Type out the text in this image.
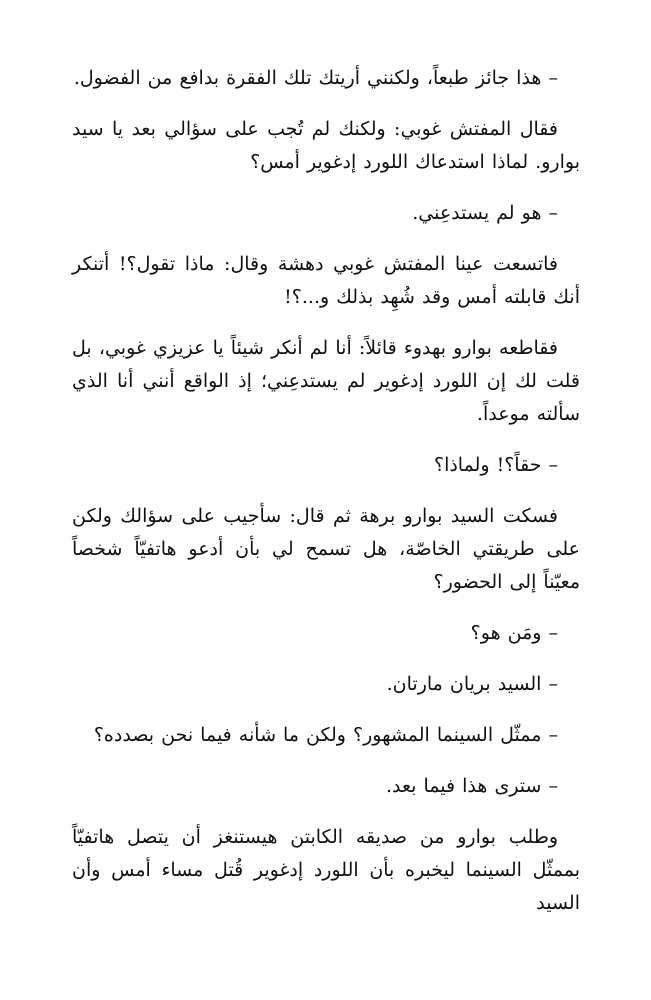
– هذا جائز طبعاً، ولكنني أريتك تلك الفقرة بدافع من الفضول.

فقال المفتش غوبي: ولكنك لم تُجب على سؤالي بعد يا سيد بوارو. لماذا استدعاك اللورد إدغوير أمس؟

– هو لم يستدعِني.

فاتسعت عينا المفتش غوبي دهشة وقال: ماذا تقول؟! أتنكر أنك قابلته أمس وقد شُهِد بذلك و...؟!

فقاطعه بوارو بهدوء قائلاً: أنا لم أنكر شيئاً يا عزيزي غوبي، بل قلت لك إن اللورد إدغوير لم يستدعِني؛ إذ الواقع أنني أنا الذي سألته موعداً.

– حقاً؟! ولماذا؟

فسكت السيد بوارو برهة ثم قال: سأجيب على سؤالك ولكن على طريقتي الخاصّة، هل تسمح لي بأن أدعو هاتفيّاً شخصاً معيّناً إلى الحضور؟

– ومَن هو؟

– السيد بريان مارتان.

– ممثّل السينما المشهور؟ ولكن ما شأنه فيما نحن بصدده؟

– سترى هذا فيما بعد.

وطلب بوارو من صديقه الكابتن هيستنغز أن يتصل هاتفيّاً بممثّل السينما ليخبره بأن اللورد إدغوير قُتل مساء أمس وأن السيد
